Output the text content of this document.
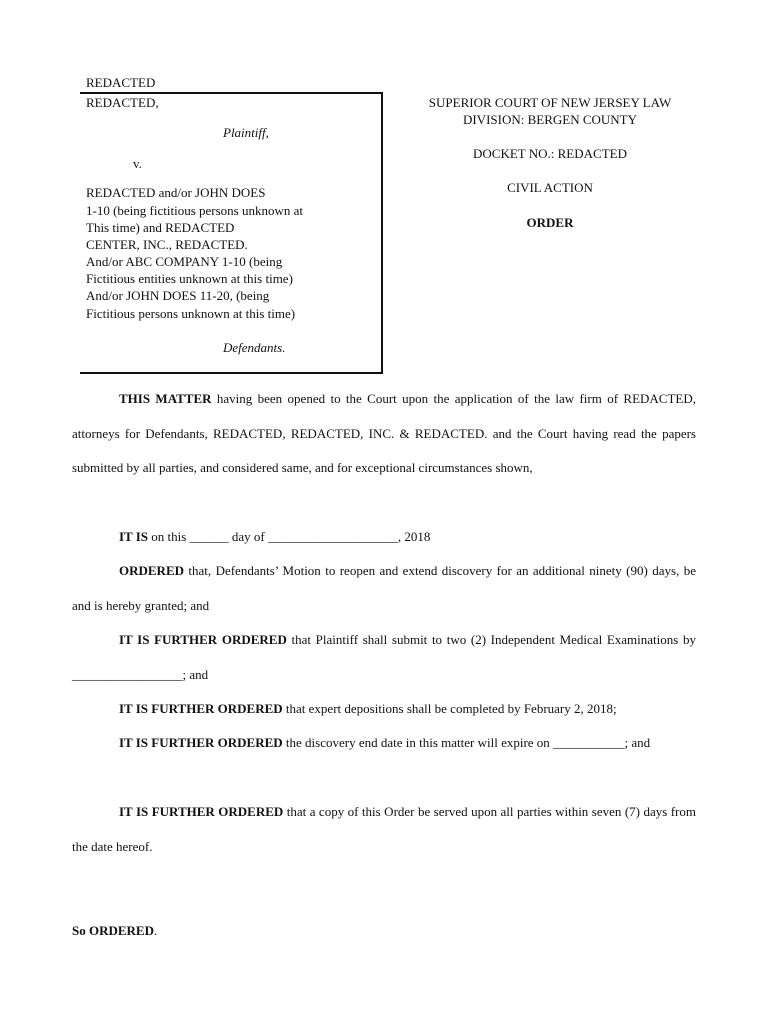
REDACTED
REDACTED,
Plaintiff,
v.
REDACTED and/or JOHN DOES
1-10 (being fictitious persons unknown at
This time) and REDACTED
CENTER, INC., REDACTED.
And/or ABC COMPANY 1-10 (being
Fictitious entities unknown at this time)
And/or JOHN DOES 11-20, (being
Fictitious persons unknown at this time)
Defendants.
SUPERIOR COURT OF NEW JERSEY LAW
DIVISION: BERGEN COUNTY
DOCKET NO.: REDACTED
CIVIL ACTION
ORDER
THIS MATTER having been opened to the Court upon the application of the law firm of REDACTED, attorneys for Defendants, REDACTED, REDACTED, INC. & REDACTED. and the Court having read the papers submitted by all parties, and considered same, and for exceptional circumstances shown,
IT IS on this ______ day of ____________________, 2018
ORDERED that, Defendants’ Motion to reopen and extend discovery for an additional ninety (90) days, be and is hereby granted; and
IT IS FURTHER ORDERED that Plaintiff shall submit to two (2) Independent Medical Examinations by _________________; and
IT IS FURTHER ORDERED that expert depositions shall be completed by February 2, 2018;
IT IS FURTHER ORDERED the discovery end date in this matter will expire on ___________; and
IT IS FURTHER ORDERED that a copy of this Order be served upon all parties within seven (7) days from the date hereof.
So ORDERED.
